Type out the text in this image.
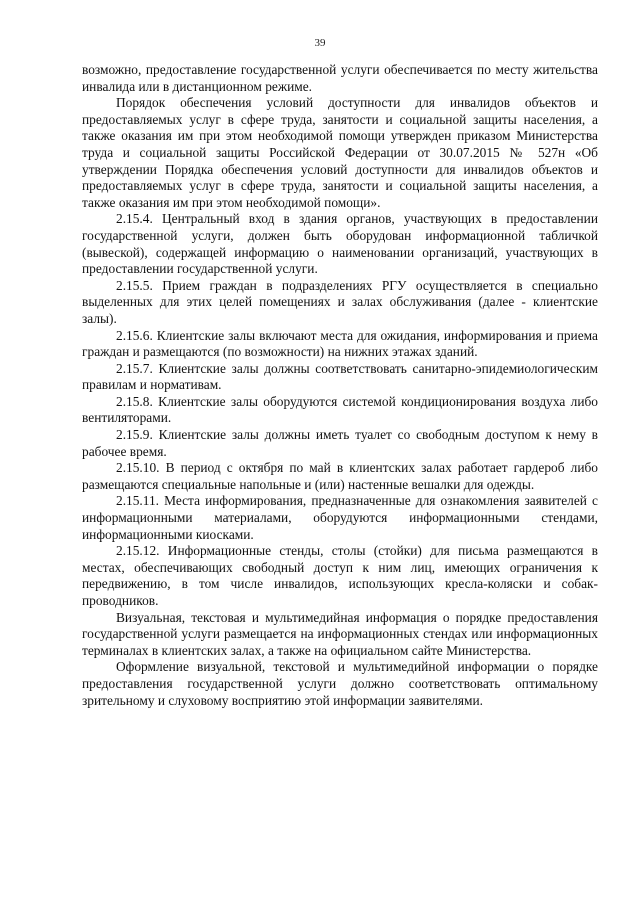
39

возможно, предоставление государственной услуги обеспечивается по месту жительства инвалида или в дистанционном режиме.

Порядок обеспечения условий доступности для инвалидов объектов и предоставляемых услуг в сфере труда, занятости и социальной защиты населения, а также оказания им при этом необходимой помощи утвержден приказом Министерства труда и социальной защиты Российской Федерации от 30.07.2015 № 527н «Об утверждении Порядка обеспечения условий доступности для инвалидов объектов и предоставляемых услуг в сфере труда, занятости и социальной защиты населения, а также оказания им при этом необходимой помощи».

2.15.4. Центральный вход в здания органов, участвующих в предоставлении государственной услуги, должен быть оборудован информационной табличкой (вывеской), содержащей информацию о наименовании организаций, участвующих в предоставлении государственной услуги.

2.15.5. Прием граждан в подразделениях РГУ осуществляется в специально выделенных для этих целей помещениях и залах обслуживания (далее - клиентские залы).

2.15.6. Клиентские залы включают места для ожидания, информирования и приема граждан и размещаются (по возможности) на нижних этажах зданий.

2.15.7. Клиентские залы должны соответствовать санитарно-эпидемиологическим правилам и нормативам.

2.15.8. Клиентские залы оборудуются системой кондиционирования воздуха либо вентиляторами.

2.15.9. Клиентские залы должны иметь туалет со свободным доступом к нему в рабочее время.

2.15.10. В период с октября по май в клиентских залах работает гардероб либо размещаются специальные напольные и (или) настенные вешалки для одежды.

2.15.11. Места информирования, предназначенные для ознакомления заявителей с информационными материалами, оборудуются информационными стендами, информационными киосками.

2.15.12. Информационные стенды, столы (стойки) для письма размещаются в местах, обеспечивающих свободный доступ к ним лиц, имеющих ограничения к передвижению, в том числе инвалидов, использующих кресла-коляски и собак-проводников.

Визуальная, текстовая и мультимедийная информация о порядке предоставления государственной услуги размещается на информационных стендах или информационных терминалах в клиентских залах, а также на официальном сайте Министерства.

Оформление визуальной, текстовой и мультимедийной информации о порядке предоставления государственной услуги должно соответствовать оптимальному зрительному и слуховому восприятию этой информации заявителями.
